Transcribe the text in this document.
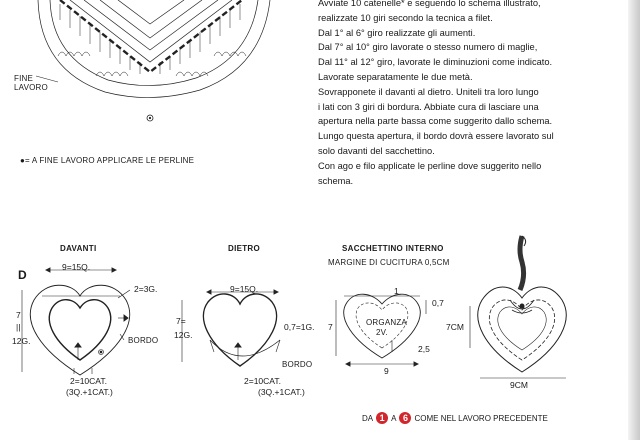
FINE
LAVORO
●= A FINE LAVORO APPLICARE LE PERLINE

Avviate 10 catenelle* e seguendo lo schema illustrato,

realizzate 10 giri secondo la tecnica a filet.

Dal 1° al 6° giro realizzate gli aumenti.

Dal 7° al 10° giro lavorate o stesso numero di maglie,

Dal 11° al 12° giro, lavorate le diminuzioni come indicato.

Lavorate separatamente le due metà.

Sovrapponete il davanti al dietro. Uniteli tra loro lungo

i lati con 3 giri di bordura. Abbiate cura di lasciare una

apertura nella parte bassa come suggerito dallo schema.

Lungo questa apertura, il bordo dovrà essere lavorato sul

solo davanti del sacchettino.

Con ago e filo applicate le perline dove suggerito nello

schema.

DAVANTI	DIETRO	SACCHETTINO INTERNO
MARGINE DI CUCITURA 0,5CM
D
9=15Q.
2=3G.
7
||
12G.	BORDO
2=10CAT.
(3Q.+1CAT.)
9=15Q.
7=
12G.
0,7=1G.
BORDO
2=10CAT.
(3Q.+1CAT.)
1
0,7
7	ORGANZA
2V.
2,5
9
7CM
9CM
DA 1 A 6 COME NEL LAVORO PRECEDENTE
